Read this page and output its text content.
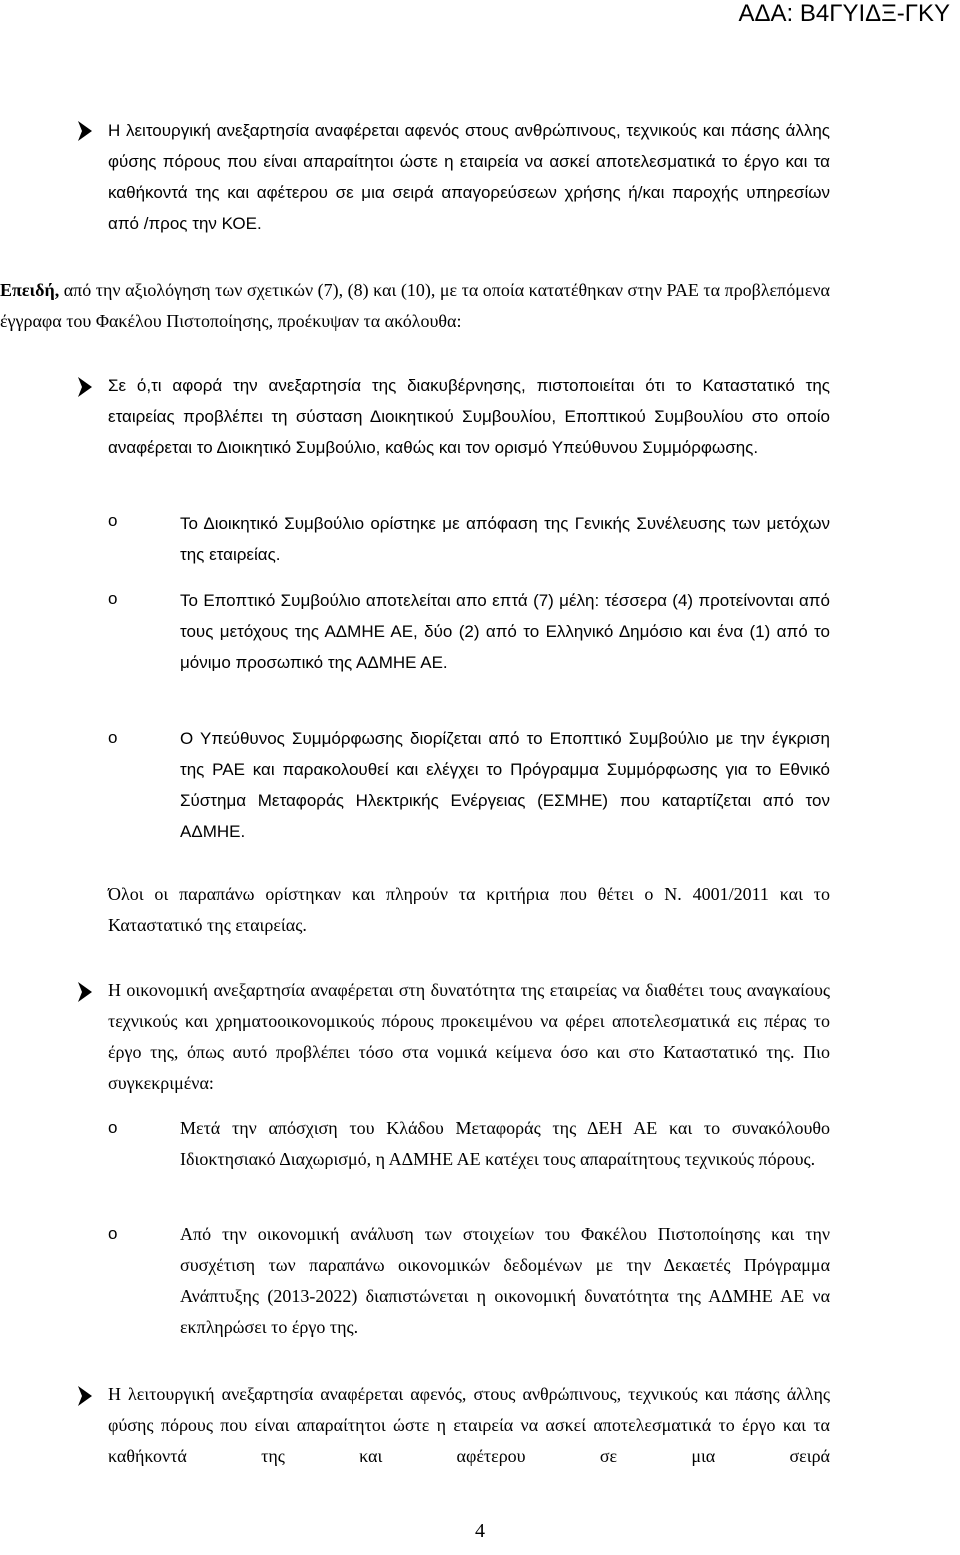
ΑΔΑ: Β4ΓΥΙΔΞ-ΓΚΥ

Η λειτουργική ανεξαρτησία αναφέρεται αφενός στους ανθρώπινους, τεχνικούς και πάσης άλλης φύσης πόρους που είναι απαραίτητοι ώστε η εταιρεία να ασκεί αποτελεσματικά το έργο και τα καθήκοντά της και αφέτερου σε μια σειρά απαγορεύσεων χρήσης ή/και παροχής υπηρεσίων από /προς την ΚΟΕ.

Επειδή, από την αξιολόγηση των σχετικών (7), (8) και (10), με τα οποία κατατέθηκαν στην ΡΑΕ τα προβλεπόμενα έγγραφα του Φακέλου Πιστοποίησης, προέκυψαν τα ακόλουθα:

Σε ό,τι αφορά την ανεξαρτησία της διακυβέρνησης, πιστοποιείται ότι το Καταστατικό της εταιρείας προβλέπει τη σύσταση Διοικητικού Συμβουλίου, Εποπτικού Συμβουλίου στο οποίο αναφέρεται το Διοικητικό Συμβούλιο, καθώς και τον ορισμό Υπεύθυνου Συμμόρφωσης.

o	Το Διοικητικό Συμβούλιο ορίστηκε με απόφαση της Γενικής Συνέλευσης των μετόχων της εταιρείας.

o	Το Εποπτικό Συμβούλιο αποτελείται απο επτά (7) μέλη: τέσσερα (4) προτείνονται από τους μετόχους της ΑΔΜΗΕ ΑΕ, δύο (2) από το Ελληνικό Δημόσιο και ένα (1) από το μόνιμο προσωπικό της ΑΔΜΗΕ ΑΕ.

o	Ο Υπεύθυνος Συμμόρφωσης διορίζεται από το Εποπτικό Συμβούλιο με την έγκριση της ΡΑΕ και παρακολουθεί και ελέγχει το Πρόγραμμα Συμμόρφωσης για το Εθνικό Σύστημα Μεταφοράς Ηλεκτρικής Ενέργειας (ΕΣΜΗΕ) που καταρτίζεται από τον ΑΔΜΗΕ.

Όλοι οι παραπάνω ορίστηκαν και πληρούν τα κριτήρια που θέτει ο Ν. 4001/2011 και το Καταστατικό της εταιρείας.

Η οικονομική ανεξαρτησία αναφέρεται στη δυνατότητα της εταιρείας να διαθέτει τους αναγκαίους τεχνικούς και χρηματοοικονομικούς πόρους προκειμένου να φέρει αποτελεσματικά εις πέρας το έργο της, όπως αυτό προβλέπει τόσο στα νομικά κείμενα όσο και στο Καταστατικό της. Πιο συγκεκριμένα:

o	Μετά την απόσχιση του Κλάδου Μεταφοράς της ΔΕΗ ΑΕ και το συνακόλουθο Ιδιοκτησιακό Διαχωρισμό, η ΑΔΜΗΕ ΑΕ κατέχει τους απαραίτητους τεχνικούς πόρους.

o	Από την οικονομική ανάλυση των στοιχείων του Φακέλου Πιστοποίησης και την συσχέτιση των παραπάνω οικονομικών δεδομένων με την Δεκαετές Πρόγραμμα Ανάπτυξης (2013-2022) διαπιστώνεται η οικονομική δυνατότητα της ΑΔΜΗΕ ΑΕ να εκπληρώσει το έργο της.

Η λειτουργική ανεξαρτησία αναφέρεται αφενός, στους ανθρώπινους, τεχνικούς και πάσης άλλης φύσης πόρους που είναι απαραίτητοι ώστε η εταιρεία να ασκεί αποτελεσματικά το έργο και τα καθήκοντά της και αφέτερου σε μια σειρά

4
